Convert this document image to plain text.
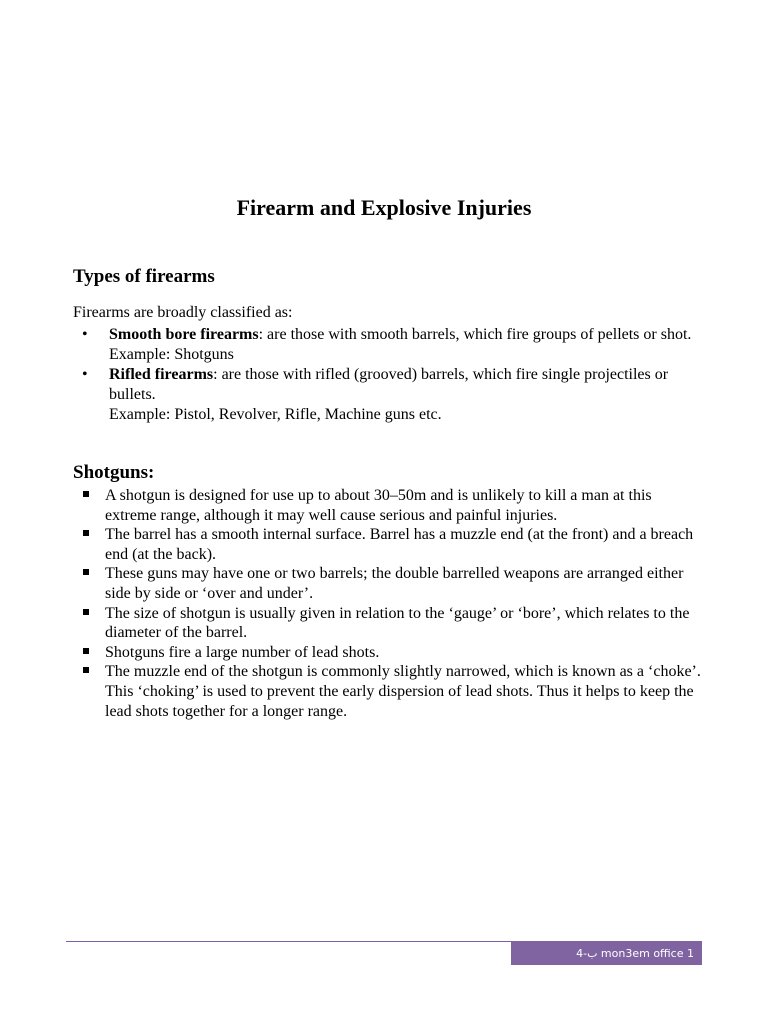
Firearm and Explosive Injuries
Types of firearms
Firearms are broadly classified as:
• Smooth bore firearms: are those with smooth barrels, which fire groups of pellets or shot.
Example: Shotguns
• Rifled firearms: are those with rifled (grooved) barrels, which fire single projectiles or bullets.
Example: Pistol, Revolver, Rifle, Machine guns etc.
Shotguns:
A shotgun is designed for use up to about 30–50m and is unlikely to kill a man at this extreme range, although it may well cause serious and painful injuries.
The barrel has a smooth internal surface. Barrel has a muzzle end (at the front) and a breach end (at the back).
These guns may have one or two barrels; the double barrelled weapons are arranged either side by side or ‘over and under’.
The size of shotgun is usually given in relation to the ‘gauge’ or ‘bore’, which relates to the diameter of the barrel.
Shotguns fire a large number of lead shots.
The muzzle end of the shotgun is commonly slightly narrowed, which is known as a ‘choke’. This ‘choking’ is used to prevent the early dispersion of lead shots. Thus it helps to keep the lead shots together for a longer range.
ب-4 mon3em office 1
